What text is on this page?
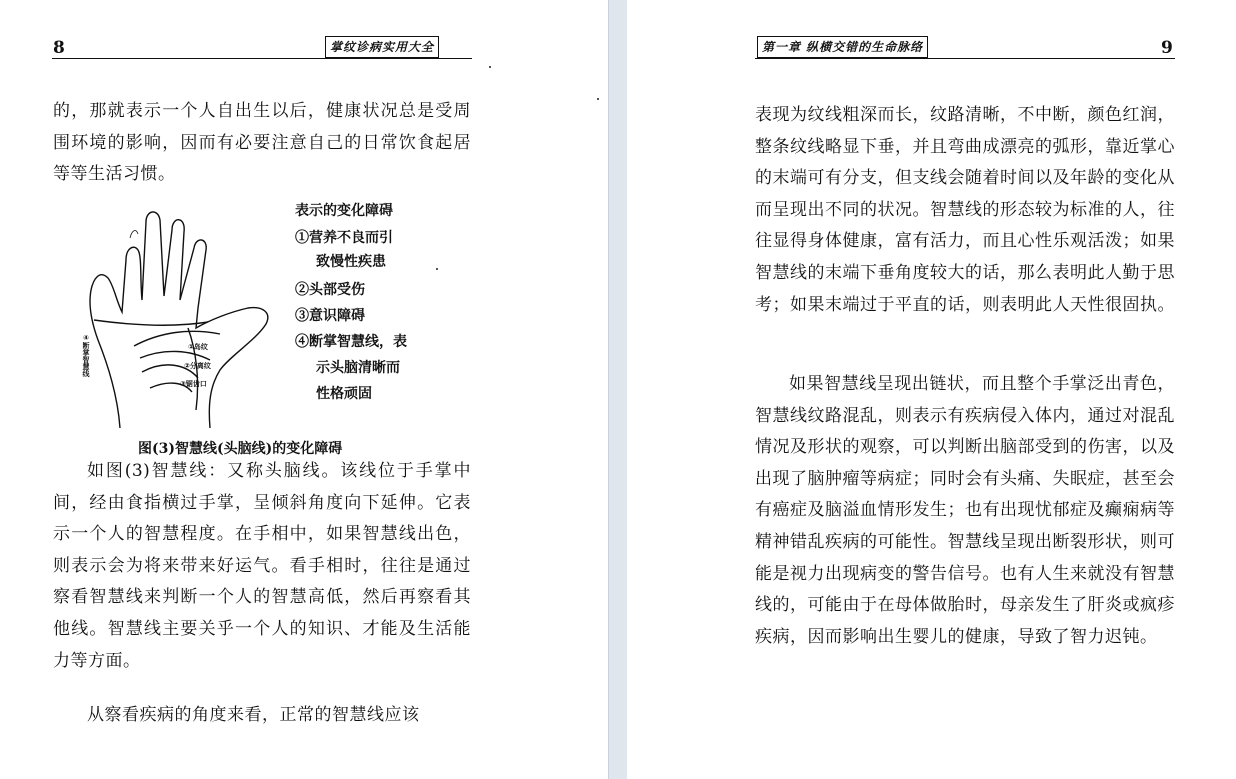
8	掌纹诊病实用大全

的，那就表示一个人自出生以后，健康状况总是受周围环境的影响，因而有必要注意自己的日常饮食起居等等生活习惯。

④断掌智慧线	①岛纹
②分离纹
③锯齿口
表示的变化障碍
①营养不良而引
致慢性疾患
②头部受伤
③意识障碍
④断掌智慧线，表
示头脑清晰而
性格顽固
图(3)智慧线(头脑线)的变化障碍

如图(3)智慧线：又称头脑线。该线位于手掌中间，经由食指横过手掌，呈倾斜角度向下延伸。它表示一个人的智慧程度。在手相中，如果智慧线出色，则表示会为将来带来好运气。看手相时，往往是通过察看智慧线来判断一个人的智慧高低，然后再察看其他线。智慧线主要关乎一个人的知识、才能及生活能力等方面。

从察看疾病的角度来看，正常的智慧线应该

第一章 纵横交错的生命脉络	9

表现为纹线粗深而长，纹路清晰，不中断，颜色红润，整条纹线略显下垂，并且弯曲成漂亮的弧形，靠近掌心的末端可有分支，但支线会随着时间以及年龄的变化从而呈现出不同的状况。智慧线的形态较为标准的人，往往显得身体健康，富有活力，而且心性乐观活泼；如果智慧线的末端下垂角度较大的话，那么表明此人勤于思考；如果末端过于平直的话，则表明此人天性很固执。

如果智慧线呈现出链状，而且整个手掌泛出青色，智慧线纹路混乱，则表示有疾病侵入体内，通过对混乱情况及形状的观察，可以判断出脑部受到的伤害，以及出现了脑肿瘤等病症；同时会有头痛、失眠症，甚至会有癌症及脑溢血情形发生；也有出现忧郁症及癫痫病等精神错乱疾病的可能性。智慧线呈现出断裂形状，则可能是视力出现病变的警告信号。也有人生来就没有智慧线的，可能由于在母体做胎时，母亲发生了肝炎或疯疹疾病，因而影响出生婴儿的健康，导致了智力迟钝。
